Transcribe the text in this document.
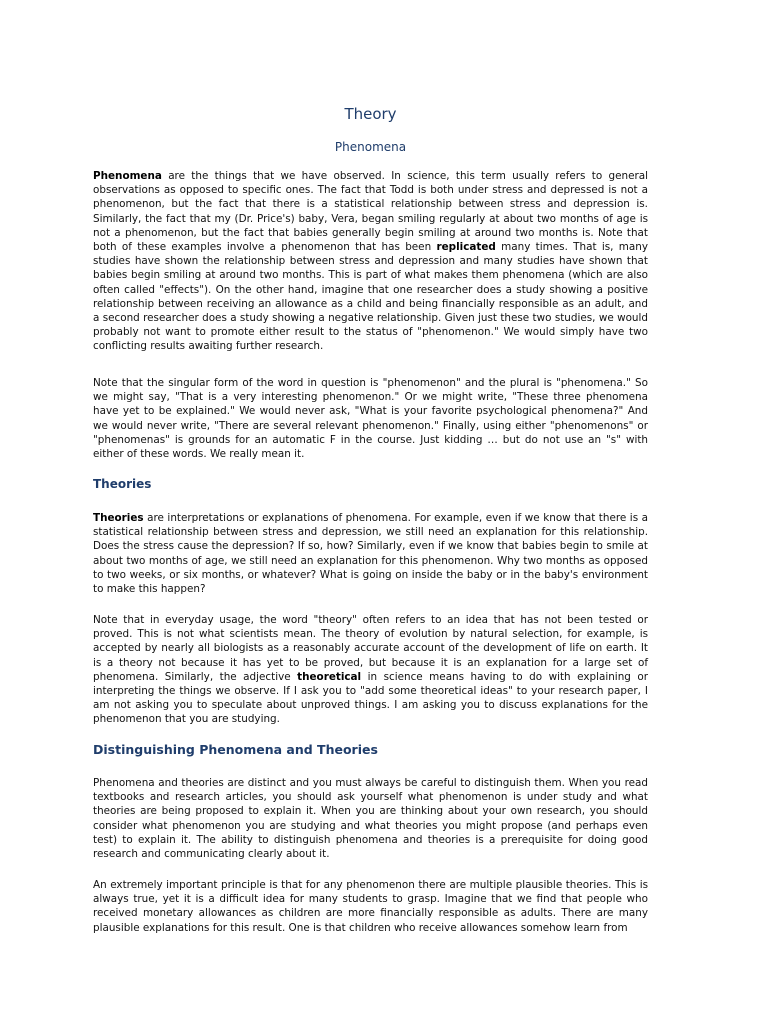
Theory
Phenomena

Phenomena are the things that we have observed. In science, this term usually refers to general observations as opposed to specific ones. The fact that Todd is both under stress and depressed is not a phenomenon, but the fact that there is a statistical relationship between stress and depression is. Similarly, the fact that my (Dr. Price's) baby, Vera, began smiling regularly at about two months of age is not a phenomenon, but the fact that babies generally begin smiling at around two months is. Note that both of these examples involve a phenomenon that has been replicated many times. That is, many studies have shown the relationship between stress and depression and many studies have shown that babies begin smiling at around two months. This is part of what makes them phenomena (which are also often called "effects"). On the other hand, imagine that one researcher does a study showing a positive relationship between receiving an allowance as a child and being financially responsible as an adult, and a second researcher does a study showing a negative relationship. Given just these two studies, we would probably not want to promote either result to the status of "phenomenon." We would simply have two conflicting results awaiting further research.

Note that the singular form of the word in question is "phenomenon" and the plural is "phenomena." So we might say, "That is a very interesting phenomenon." Or we might write, "These three phenomena have yet to be explained." We would never ask, "What is your favorite psychological phenomena?" And we would never write, "There are several relevant phenomenon." Finally, using either "phenomenons" or "phenomenas" is grounds for an automatic F in the course. Just kidding … but do not use an "s" with either of these words. We really mean it.

Theories

Theories are interpretations or explanations of phenomena. For example, even if we know that there is a statistical relationship between stress and depression, we still need an explanation for this relationship. Does the stress cause the depression? If so, how? Similarly, even if we know that babies begin to smile at about two months of age, we still need an explanation for this phenomenon. Why two months as opposed to two weeks, or six months, or whatever? What is going on inside the baby or in the baby's environment to make this happen?

Note that in everyday usage, the word "theory" often refers to an idea that has not been tested or proved. This is not what scientists mean. The theory of evolution by natural selection, for example, is accepted by nearly all biologists as a reasonably accurate account of the development of life on earth. It is a theory not because it has yet to be proved, but because it is an explanation for a large set of phenomena. Similarly, the adjective theoretical in science means having to do with explaining or interpreting the things we observe. If I ask you to "add some theoretical ideas" to your research paper, I am not asking you to speculate about unproved things. I am asking you to discuss explanations for the phenomenon that you are studying.

Distinguishing Phenomena and Theories

Phenomena and theories are distinct and you must always be careful to distinguish them. When you read textbooks and research articles, you should ask yourself what phenomenon is under study and what theories are being proposed to explain it. When you are thinking about your own research, you should consider what phenomenon you are studying and what theories you might propose (and perhaps even test) to explain it. The ability to distinguish phenomena and theories is a prerequisite for doing good research and communicating clearly about it.

An extremely important principle is that for any phenomenon there are multiple plausible theories. This is always true, yet it is a difficult idea for many students to grasp. Imagine that we find that people who received monetary allowances as children are more financially responsible as adults. There are many plausible explanations for this result. One is that children who receive allowances somehow learn from
